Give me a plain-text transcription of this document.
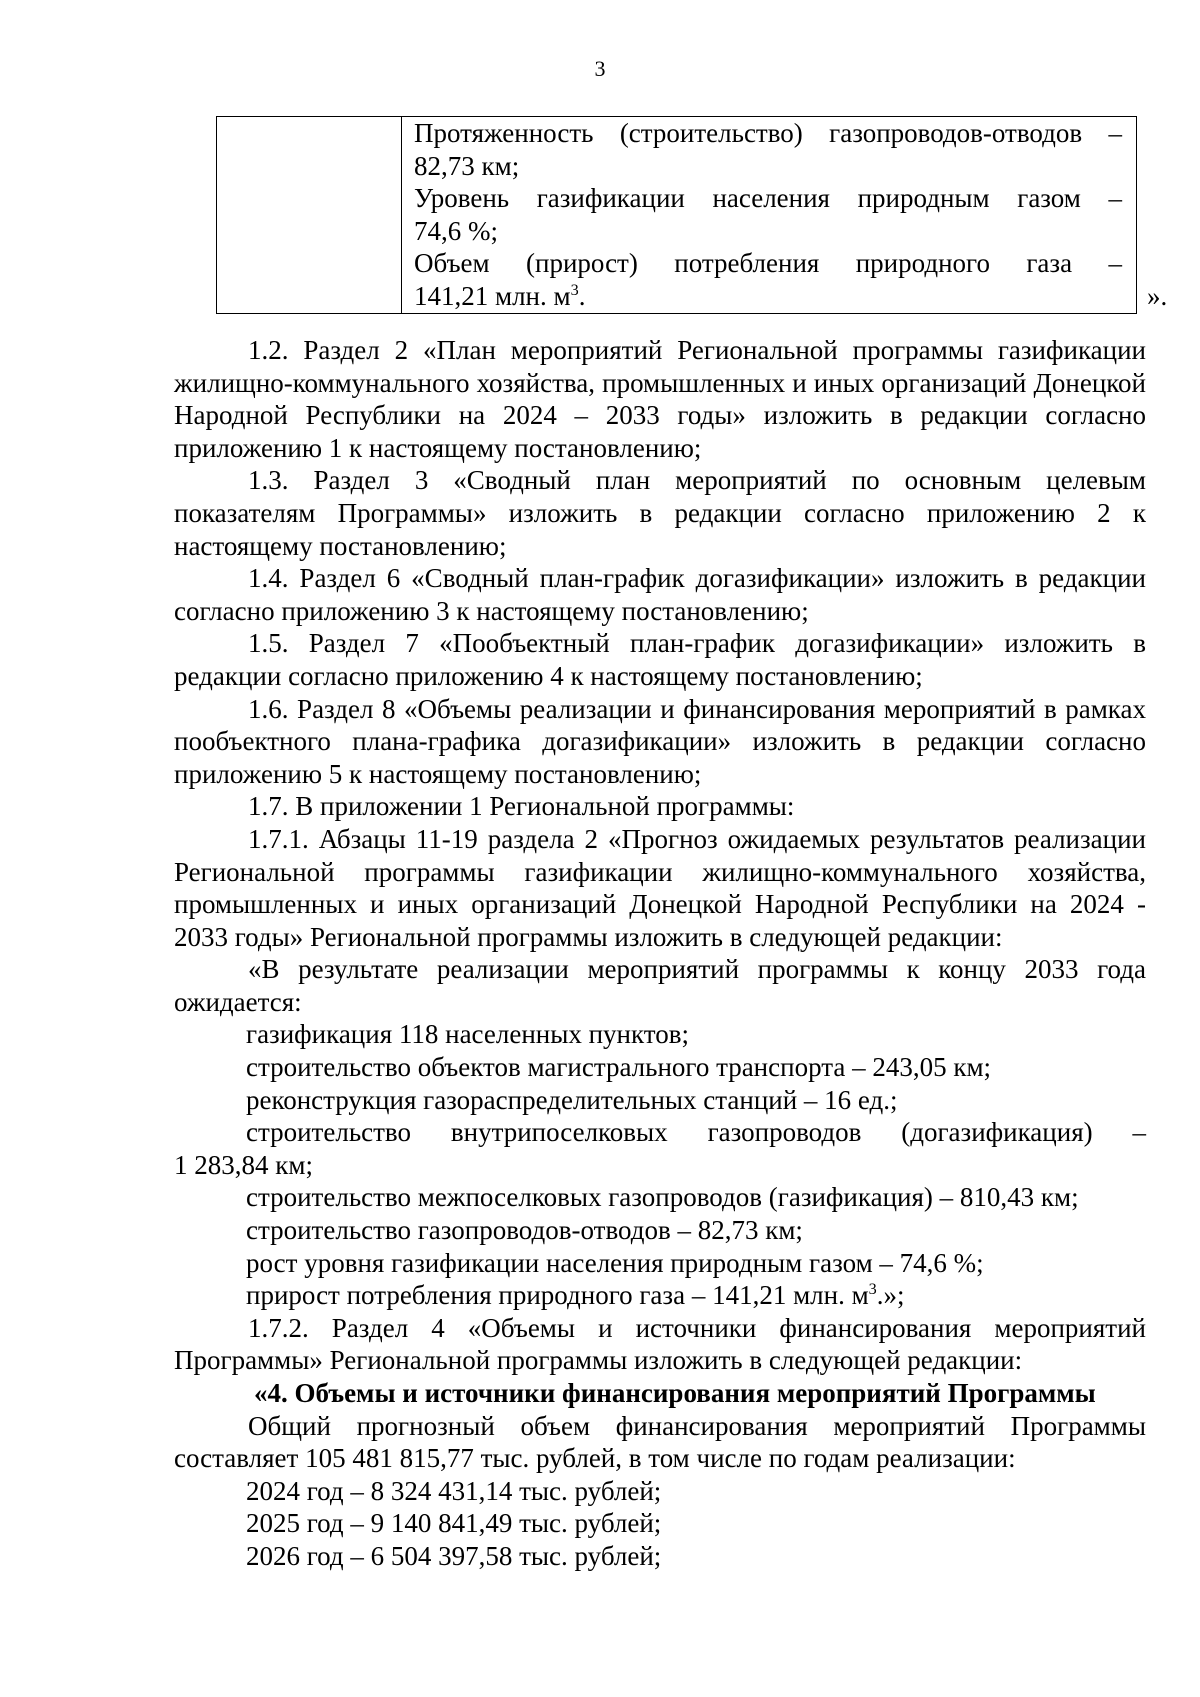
3
Протяженность (строительство) газопроводов-отводов –
82,73 км;
Уровень газификации населения природным газом –
74,6 %;
Объем (прирост) потребления природного газа –
141,21 млн. $м^3$.	».

1.2. Раздел 2 «План мероприятий Региональной программы газификации жилищно-коммунального хозяйства, промышленных и иных организаций Донецкой Народной Республики на 2024 – 2033 годы» изложить в редакции согласно приложению 1 к настоящему постановлению;

1.3. Раздел 3 «Сводный план мероприятий по основным целевым показателям Программы» изложить в редакции согласно приложению 2 к настоящему постановлению;

1.4. Раздел 6 «Сводный план-график догазификации» изложить в редакции согласно приложению 3 к настоящему постановлению;

1.5. Раздел 7 «Пообъектный план-график догазификации» изложить в редакции согласно приложению 4 к настоящему постановлению;

1.6. Раздел 8 «Объемы реализации и финансирования мероприятий в рамках пообъектного плана-графика догазификации» изложить в редакции согласно приложению 5 к настоящему постановлению;

1.7. В приложении 1 Региональной программы:

1.7.1. Абзацы 11-19 раздела 2 «Прогноз ожидаемых результатов реализации Региональной программы газификации жилищно-коммунального хозяйства, промышленных и иных организаций Донецкой Народной Республики на 2024 - 2033 годы» Региональной программы изложить в следующей редакции:

«В результате реализации мероприятий программы к концу 2033 года ожидается:

газификация 118 населенных пунктов;

строительство объектов магистрального транспорта – 243,05 км;

реконструкция газораспределительных станций – 16 ед.;

строительство внутрипоселковых газопроводов (догазификация) –

1 283,84 км;

строительство межпоселковых газопроводов (газификация) – 810,43 км;

строительство газопроводов-отводов – 82,73 км;

рост уровня газификации населения природным газом – 74,6 %;

прирост потребления природного газа – 141,21 млн. $м^3$.»;

1.7.2. Раздел 4 «Объемы и источники финансирования мероприятий Программы» Региональной программы изложить в следующей редакции:

«4. Объемы и источники финансирования мероприятий Программы

Общий прогнозный объем финансирования мероприятий Программы составляет 105 481 815,77 тыс. рублей, в том числе по годам реализации:

2024 год – 8 324 431,14 тыс. рублей;

2025 год – 9 140 841,49 тыс. рублей;

2026 год – 6 504 397,58 тыс. рублей;
